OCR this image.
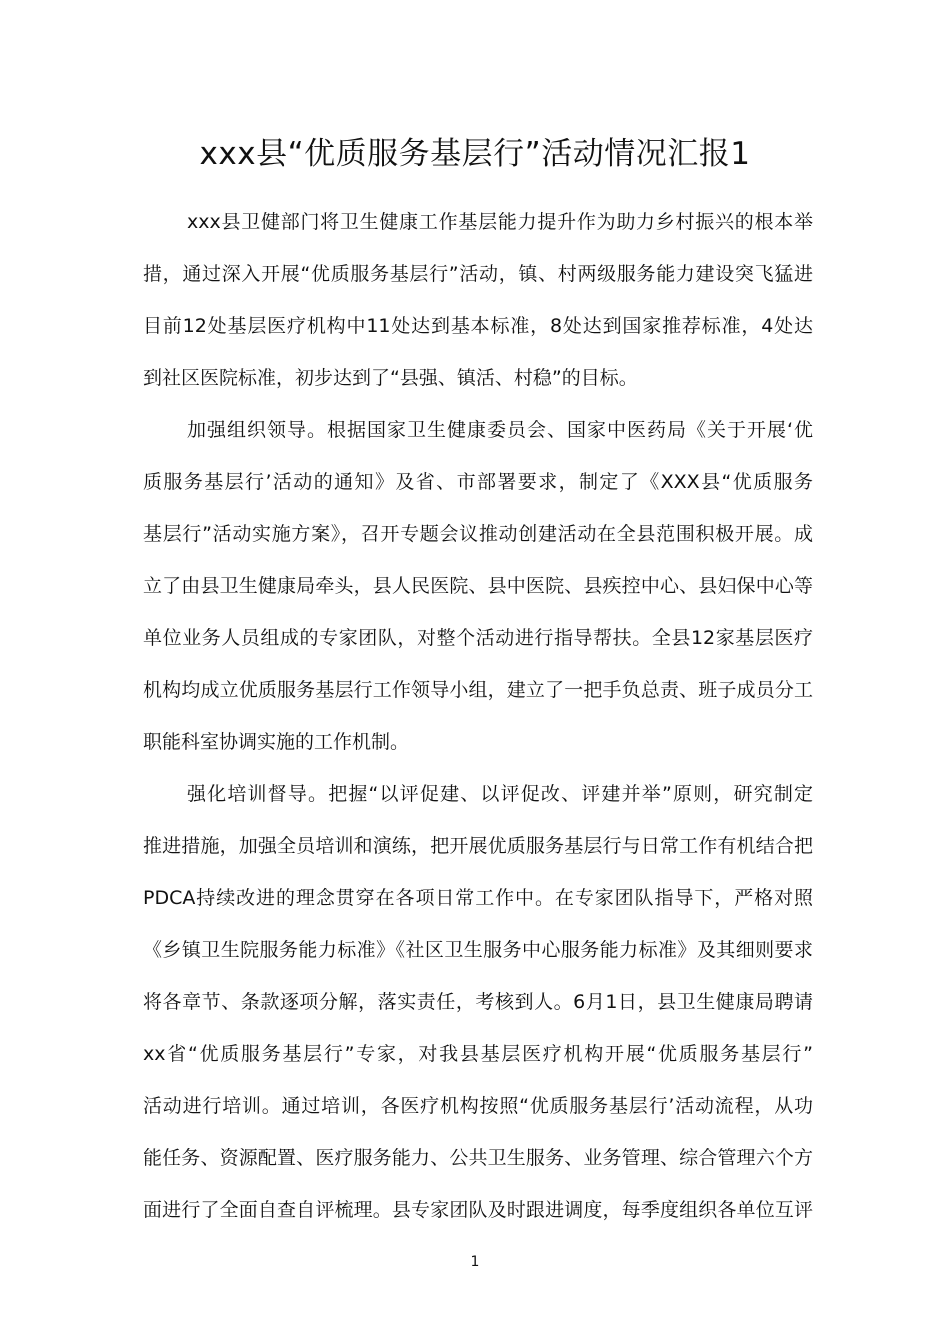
xxx县“优质服务基层行”活动情况汇报1
xxx县卫健部门将卫生健康工作基层能力提升作为助力乡村振兴的根本举
措，通过深入开展“优质服务基层行”活动，镇、村两级服务能力建设突飞猛进
目前12处基层医疗机构中11处达到基本标准，8处达到国家推荐标准，4处达
到社区医院标准，初步达到了“县强、镇活、村稳”的目标。
加强组织领导。根据国家卫生健康委员会、国家中医药局《关于开展‘优
质服务基层行’活动的通知》及省、市部署要求，制定了《XXX县“优质服务
基层行”活动实施方案》，召开专题会议推动创建活动在全县范围积极开展。成
立了由县卫生健康局牵头，县人民医院、县中医院、县疾控中心、县妇保中心等
单位业务人员组成的专家团队，对整个活动进行指导帮扶。全县12家基层医疗
机构均成立优质服务基层行工作领导小组，建立了一把手负总责、班子成员分工
职能科室协调实施的工作机制。
强化培训督导。把握“以评促建、以评促改、评建并举”原则，研究制定
推进措施，加强全员培训和演练，把开展优质服务基层行与日常工作有机结合把
PDCA持续改进的理念贯穿在各项日常工作中。在专家团队指导下，严格对照
《乡镇卫生院服务能力标准》《社区卫生服务中心服务能力标准》及其细则要求
将各章节、条款逐项分解，落实责任，考核到人。6月1日，县卫生健康局聘请
xx省“优质服务基层行”专家，对我县基层医疗机构开展“优质服务基层行”
活动进行培训。通过培训，各医疗机构按照“优质服务基层行’活动流程，从功
能任务、资源配置、医疗服务能力、公共卫生服务、业务管理、综合管理六个方
面进行了全面自查自评梳理。县专家团队及时跟进调度，每季度组织各单位互评
1
